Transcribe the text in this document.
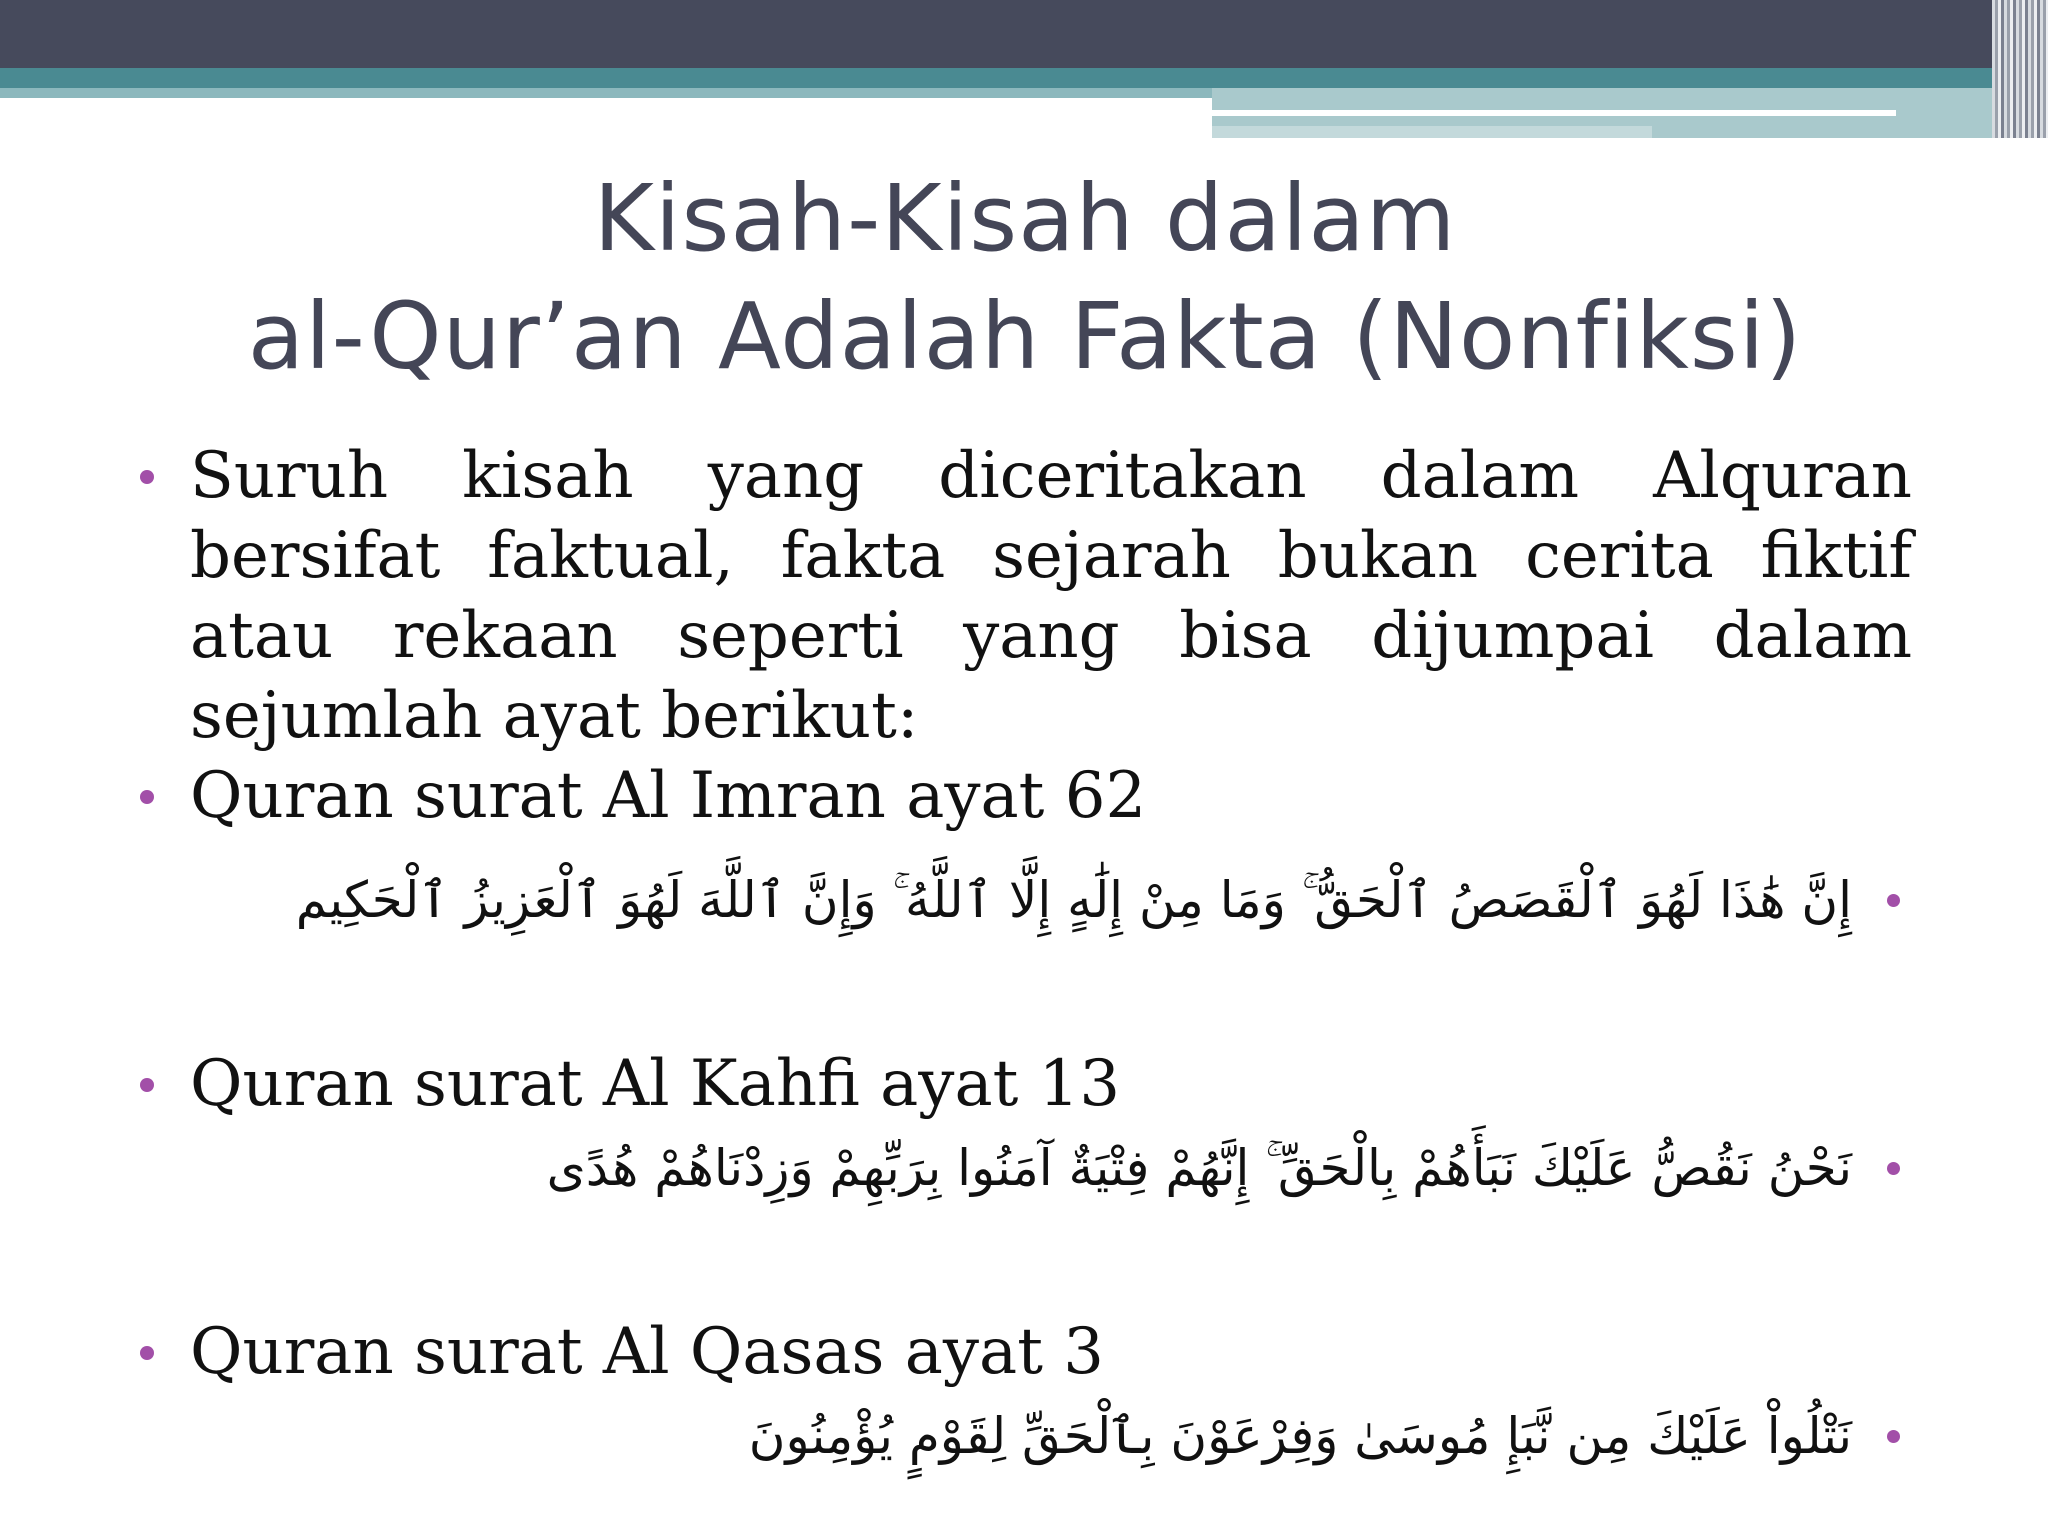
Kisah-Kisah dalam
al-Qur’an Adalah Fakta (Nonfiksi)
Suruh kisah yang diceritakan dalam Alquran bersifat faktual, fakta sejarah bukan cerita fiktif atau rekaan seperti yang bisa dijumpai dalam sejumlah ayat berikut:
Quran surat Al Imran ayat 62
إِنَّ هَٰذَا لَهُوَ ٱلْقَصَصُ ٱلْحَقُّ ۚ وَمَا مِنْ إِلَٰهٍ إِلَّا ٱللَّهُ ۚ وَإِنَّ ٱللَّهَ لَهُوَ ٱلْعَزِيزُ ٱلْحَكِيم
Quran surat Al Kahfi ayat 13
نَحْنُ نَقُصُّ عَلَيْكَ نَبَأَهُمْ بِالْحَقِّ ۚ إِنَّهُمْ فِتْيَةٌ آمَنُوا بِرَبِّهِمْ وَزِدْنَاهُمْ هُدًى
Quran surat Al Qasas ayat 3
نَتْلُواْ عَلَيْكَ مِن نَّبَإِ مُوسَىٰ وَفِرْعَوْنَ بِٱلْحَقِّ لِقَوْمٍ يُؤْمِنُونَ
